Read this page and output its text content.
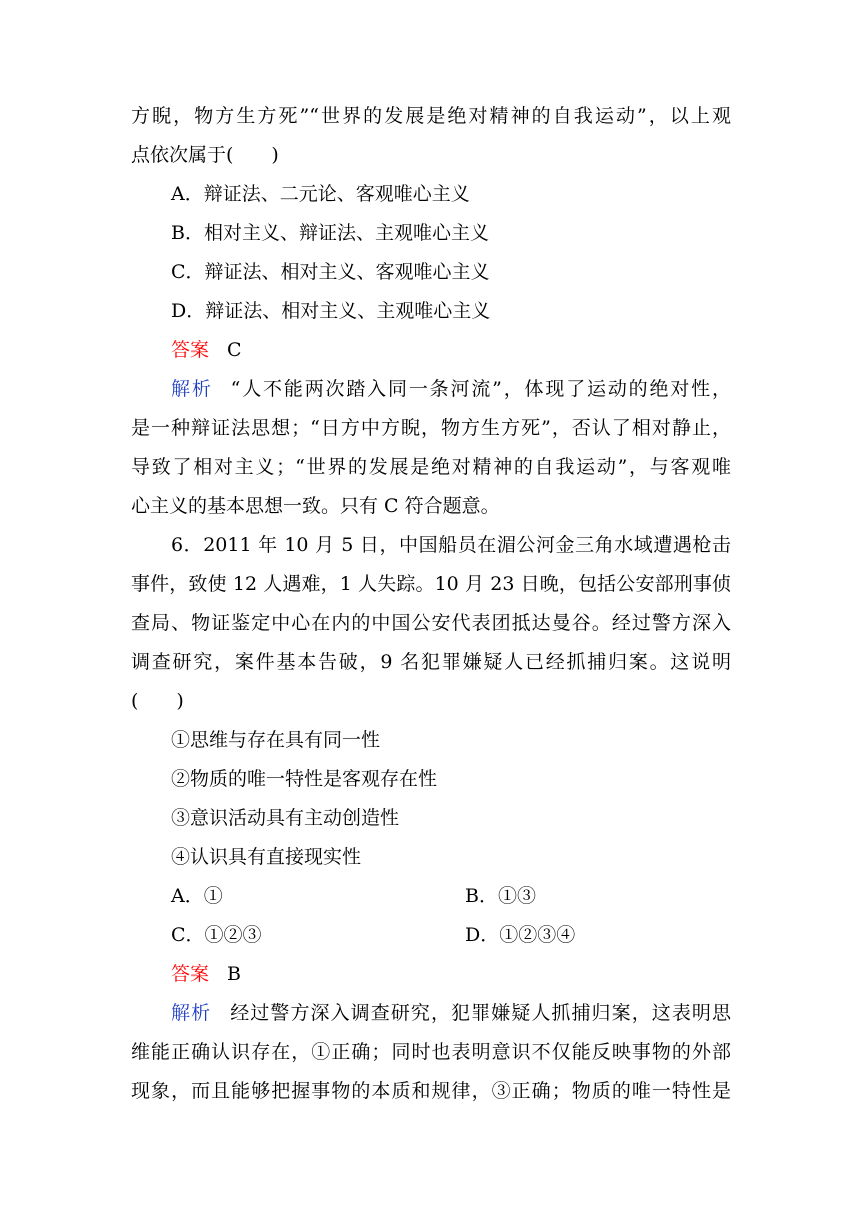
方睨，物方生方死”“世界的发展是绝对精神的自我运动”，以上观
点依次属于(　　)
A．辩证法、二元论、客观唯心主义
B．相对主义、辩证法、主观唯心主义
C．辩证法、相对主义、客观唯心主义
D．辩证法、相对主义、主观唯心主义
答案 C
解析 “人不能两次踏入同一条河流”，体现了运动的绝对性，
是一种辩证法思想；“日方中方睨，物方生方死”，否认了相对静止，
导致了相对主义；“世界的发展是绝对精神的自我运动”，与客观唯
心主义的基本思想一致。只有 C 符合题意。
6．2011 年 10 月 5 日，中国船员在湄公河金三角水域遭遇枪击
事件，致使 12 人遇难，1 人失踪。10 月 23 日晚，包括公安部刑事侦
查局、物证鉴定中心在内的中国公安代表团抵达曼谷。经过警方深入
调查研究，案件基本告破，9 名犯罪嫌疑人已经抓捕归案。这说明
(　　)
①思维与存在具有同一性
②物质的唯一特性是客观存在性
③意识活动具有主动创造性
④认识具有直接现实性
A．①	B．①③
C．①②③	D．①②③④
答案 B
解析 经过警方深入调查研究，犯罪嫌疑人抓捕归案，这表明思
维能正确认识存在，①正确；同时也表明意识不仅能反映事物的外部
现象，而且能够把握事物的本质和规律，③正确；物质的唯一特性是
